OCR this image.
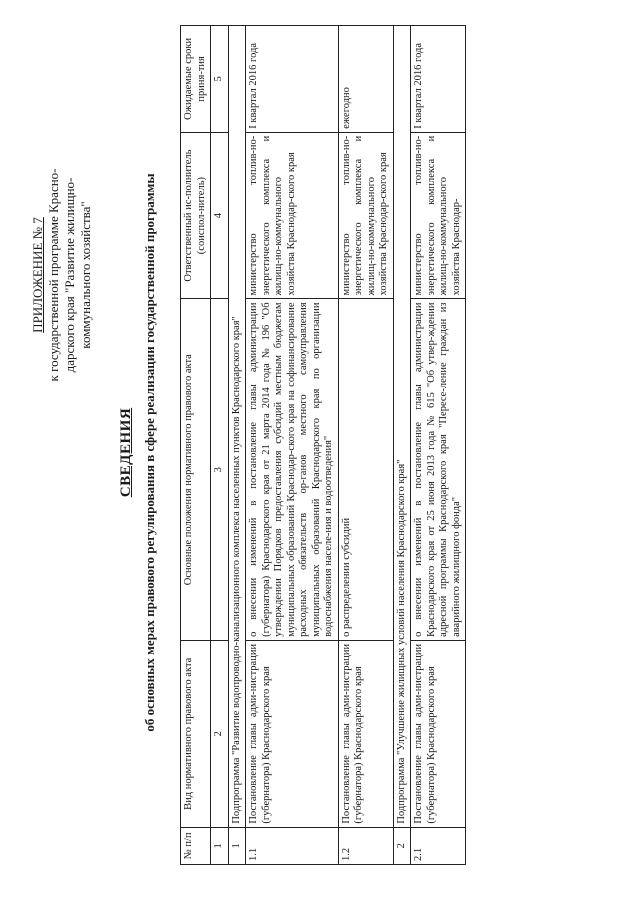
ПРИЛОЖЕНИЕ № 7 к государственной программе Красно- дарского края "Развитие жилищно- коммунального хозяйства"
СВЕДЕНИЯ об основных мерах правового регулирования в сфере реализации государственной программы
№ п/п	Вид нормативного правового акта	Основные положения нормативного правового акта	Ответственный ис-полнитель (соиспол-нитель)	Ожидаемые сроки приня-тия
1	2	3	4	5
1	Подпрограмма "Развитие водопроводно-канализационного комплекса населенных пунктов Краснодарского края"			
1.1	Постановление главы адми-нистрации (губернатора) Краснодарского края	о внесении изменений в постановление главы администрации (губернатора) Краснодарского края от 21 марта 2014 года № 196 "Об утверждении Порядков предоставления субсидий местным бюджетам муниципальных образований Краснодар-ского края на софинансирование расходных обязательств ор-ганов местного самоуправления муниципальных образований Краснодарского края по организации водоснабжения населе-ния и водоотведения"	министерство топлив-но-энергетического комплекса и жилищ-но-коммунального хозяйства Краснодар-ского края	I квартал 2016 года
1.2	Постановление главы адми-нистрации (губернатора) Краснодарского края	о распределении субсидий	министерство топлив-но-энергетического комплекса и жилищ-но-коммунального хозяйства Краснодар-ского края	ежегодно
2	Подпрограмма "Улучшение жилищных условий населения Краснодарского края"			
2.1	Постановление главы адми-нистрации (губернатора) Краснодарского края	о внесении изменений в постановление главы администрации Краснодарского края от 25 июня 2013 года № 615 "Об утвер-ждении адресной программы Краснодарского края "Пересе-ление граждан из аварийного жилищного фонда"	министерство топлив-но-энергетического комплекса и жилищ-но-коммунального хозяйства Краснодар-	I квартал 2016 года
